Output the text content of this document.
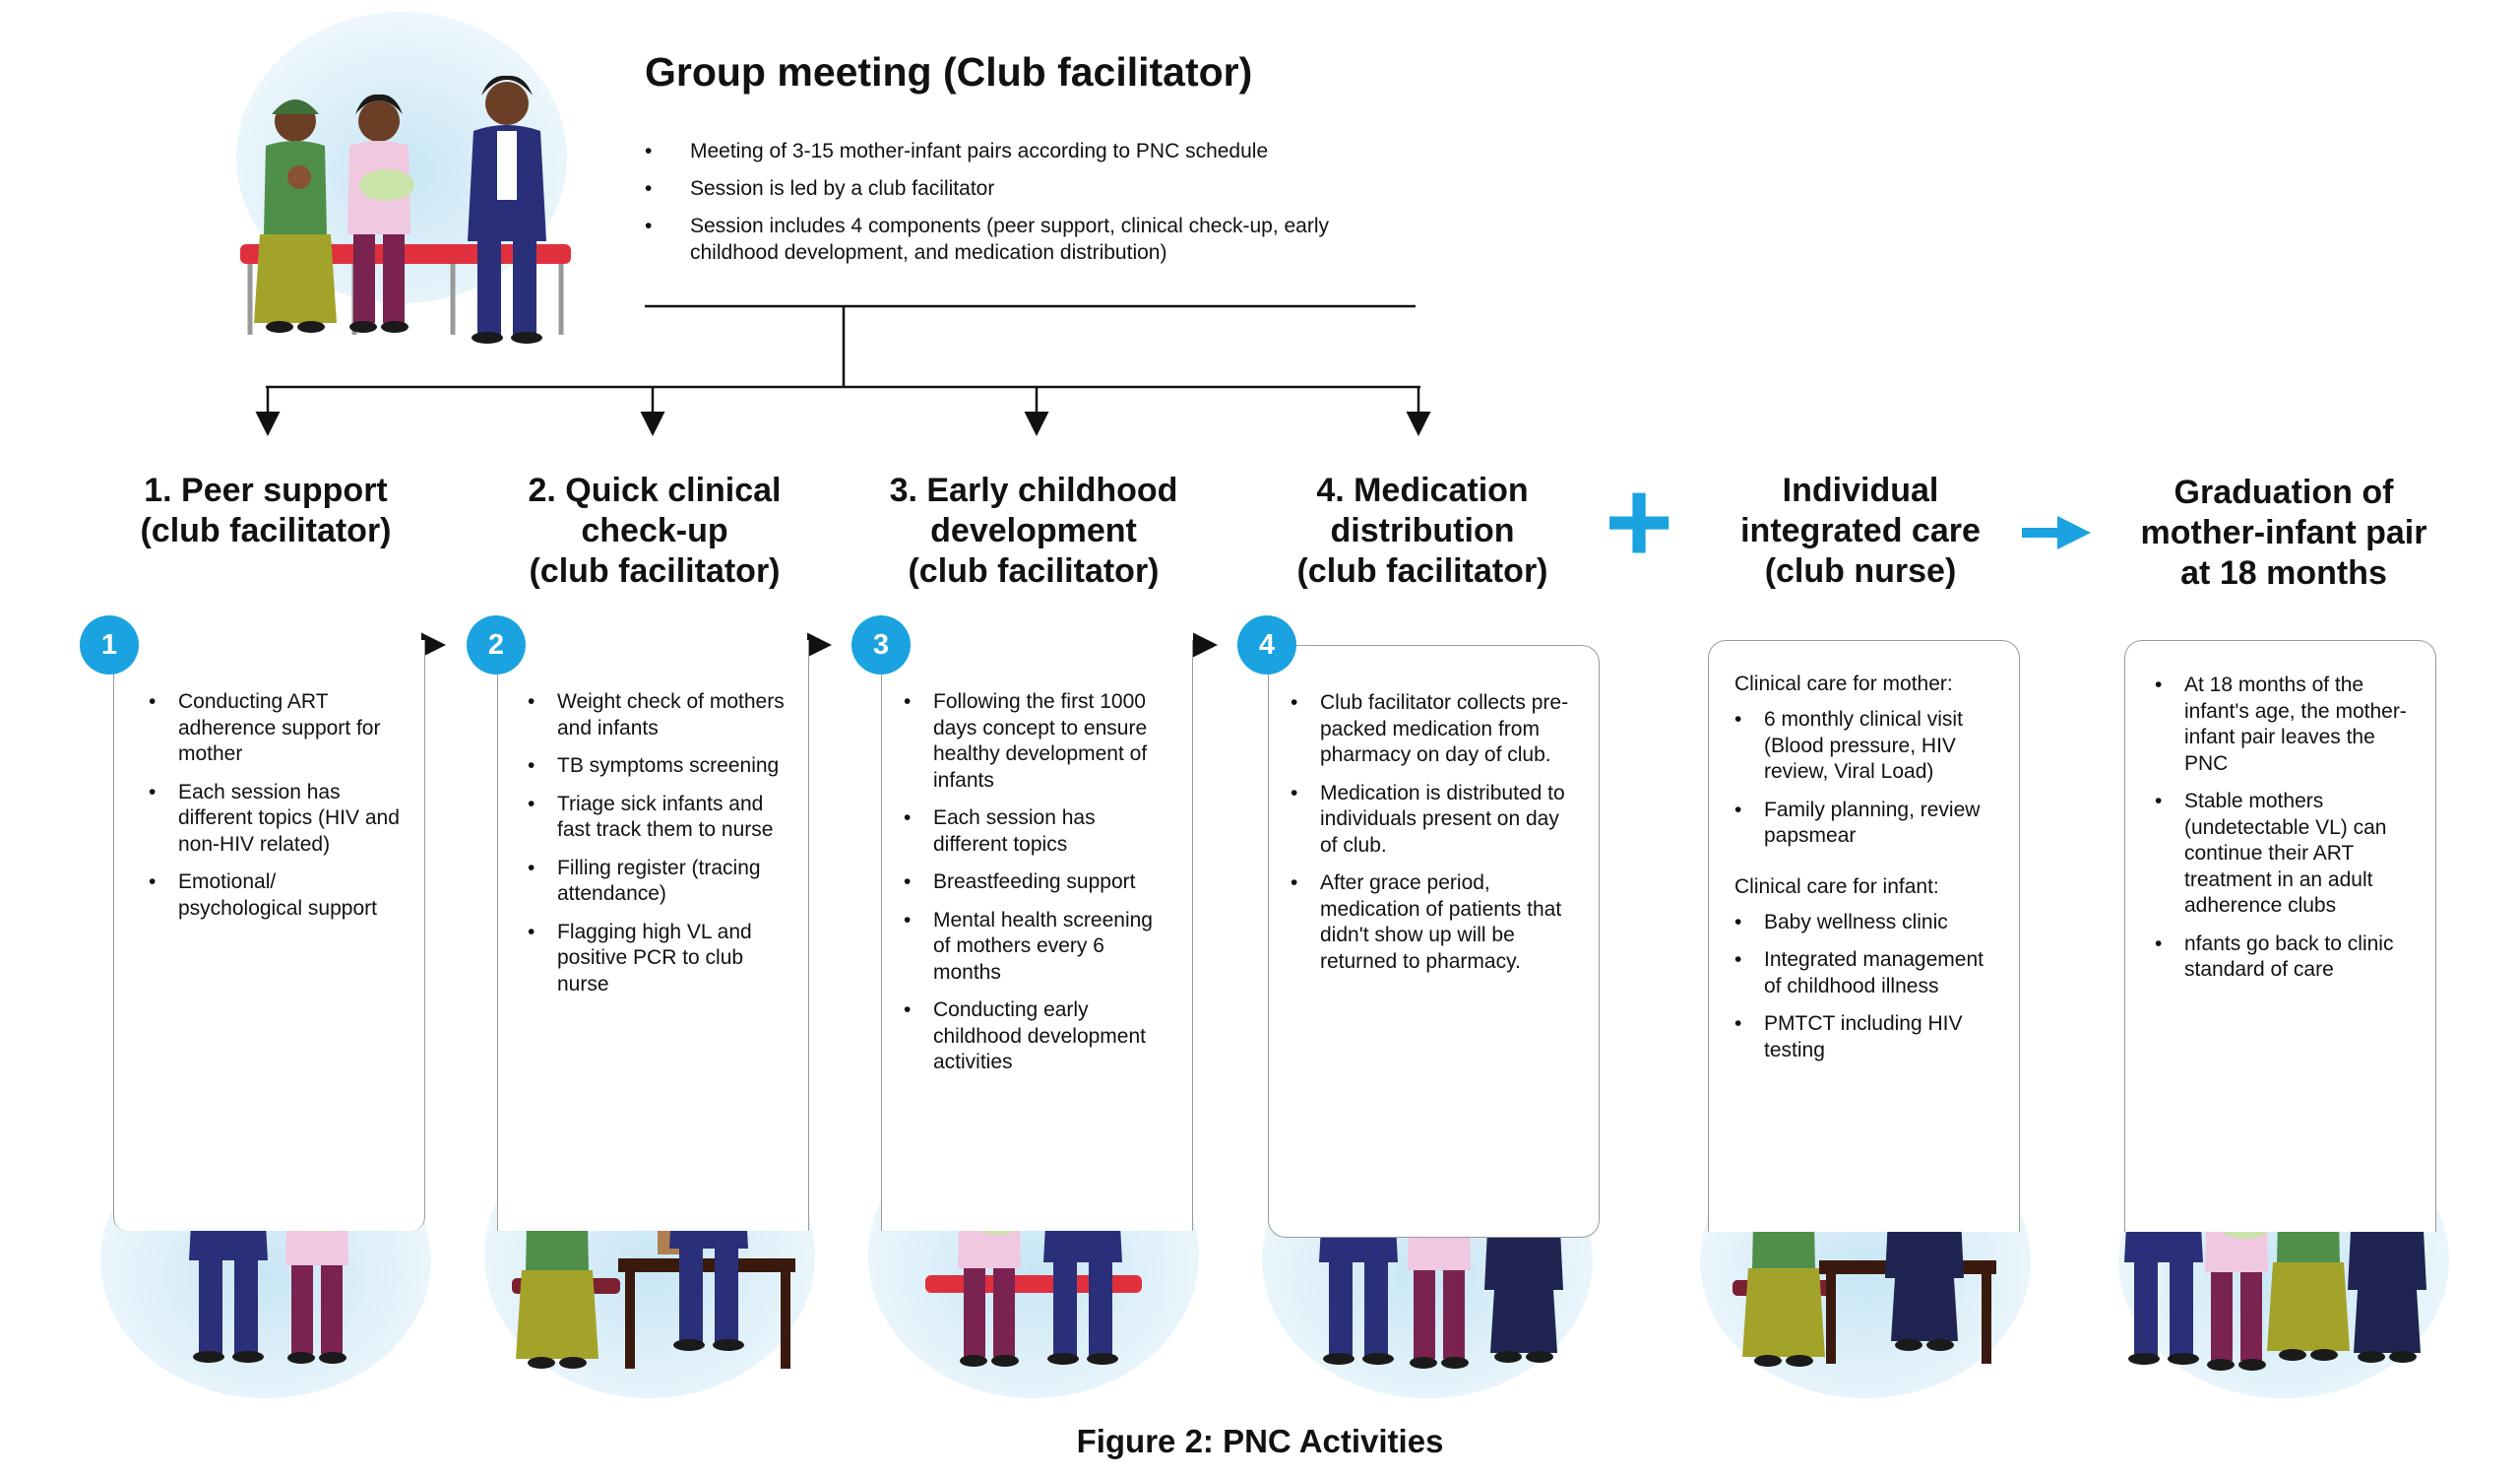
Group meeting (Club facilitator)
• Meeting of 3-15 mother-infant pairs according to PNC schedule
• Session is led by a club facilitator
• Session includes 4 components (peer support, clinical check-up, early childhood development, and medication distribution)
1. Peer support
(club facilitator)
2. Quick clinical
check-up
(club facilitator)
3. Early childhood
development
(club facilitator)
4. Medication
distribution
(club facilitator) +	Individual
integrated care
(club nurse)
Graduation of
mother-infant pair
at 18 months
• Conducting ART adherence support for mother
• Each session has different topics (HIV and non-HIV related)
• Emotional/ psychological support
• Weight check of mothers and infants
• TB symptoms screening
• Triage sick infants and fast track them to nurse
• Filling register (tracing attendance)
• Flagging high VL and positive PCR to club nurse
• Following the first 1000 days concept to ensure healthy development of infants
• Each session has different topics
• Breastfeeding support
• Mental health screening of mothers every 6 months
• Conducting early childhood development activities
• Club facilitator collects pre-packed medication from pharmacy on day of club.
• Medication is distributed to individuals present on day of club.
• After grace period, medication of patients that didn't show up will be returned to pharmacy.

Clinical care for mother:

• 6 monthly clinical visit (Blood pressure, HIV review, Viral Load)
• Family planning, review papsmear

Clinical care for infant:

• Baby wellness clinic
• Integrated management of childhood illness
• PMTCT including HIV testing
• At 18 months of the infant's age, the mother-infant pair leaves the PNC
• Stable mothers (undetectable VL) can continue their ART treatment in an adult adherence clubs
• nfants go back to clinic standard of care
1	2	3	4
Figure 2: PNC Activities
